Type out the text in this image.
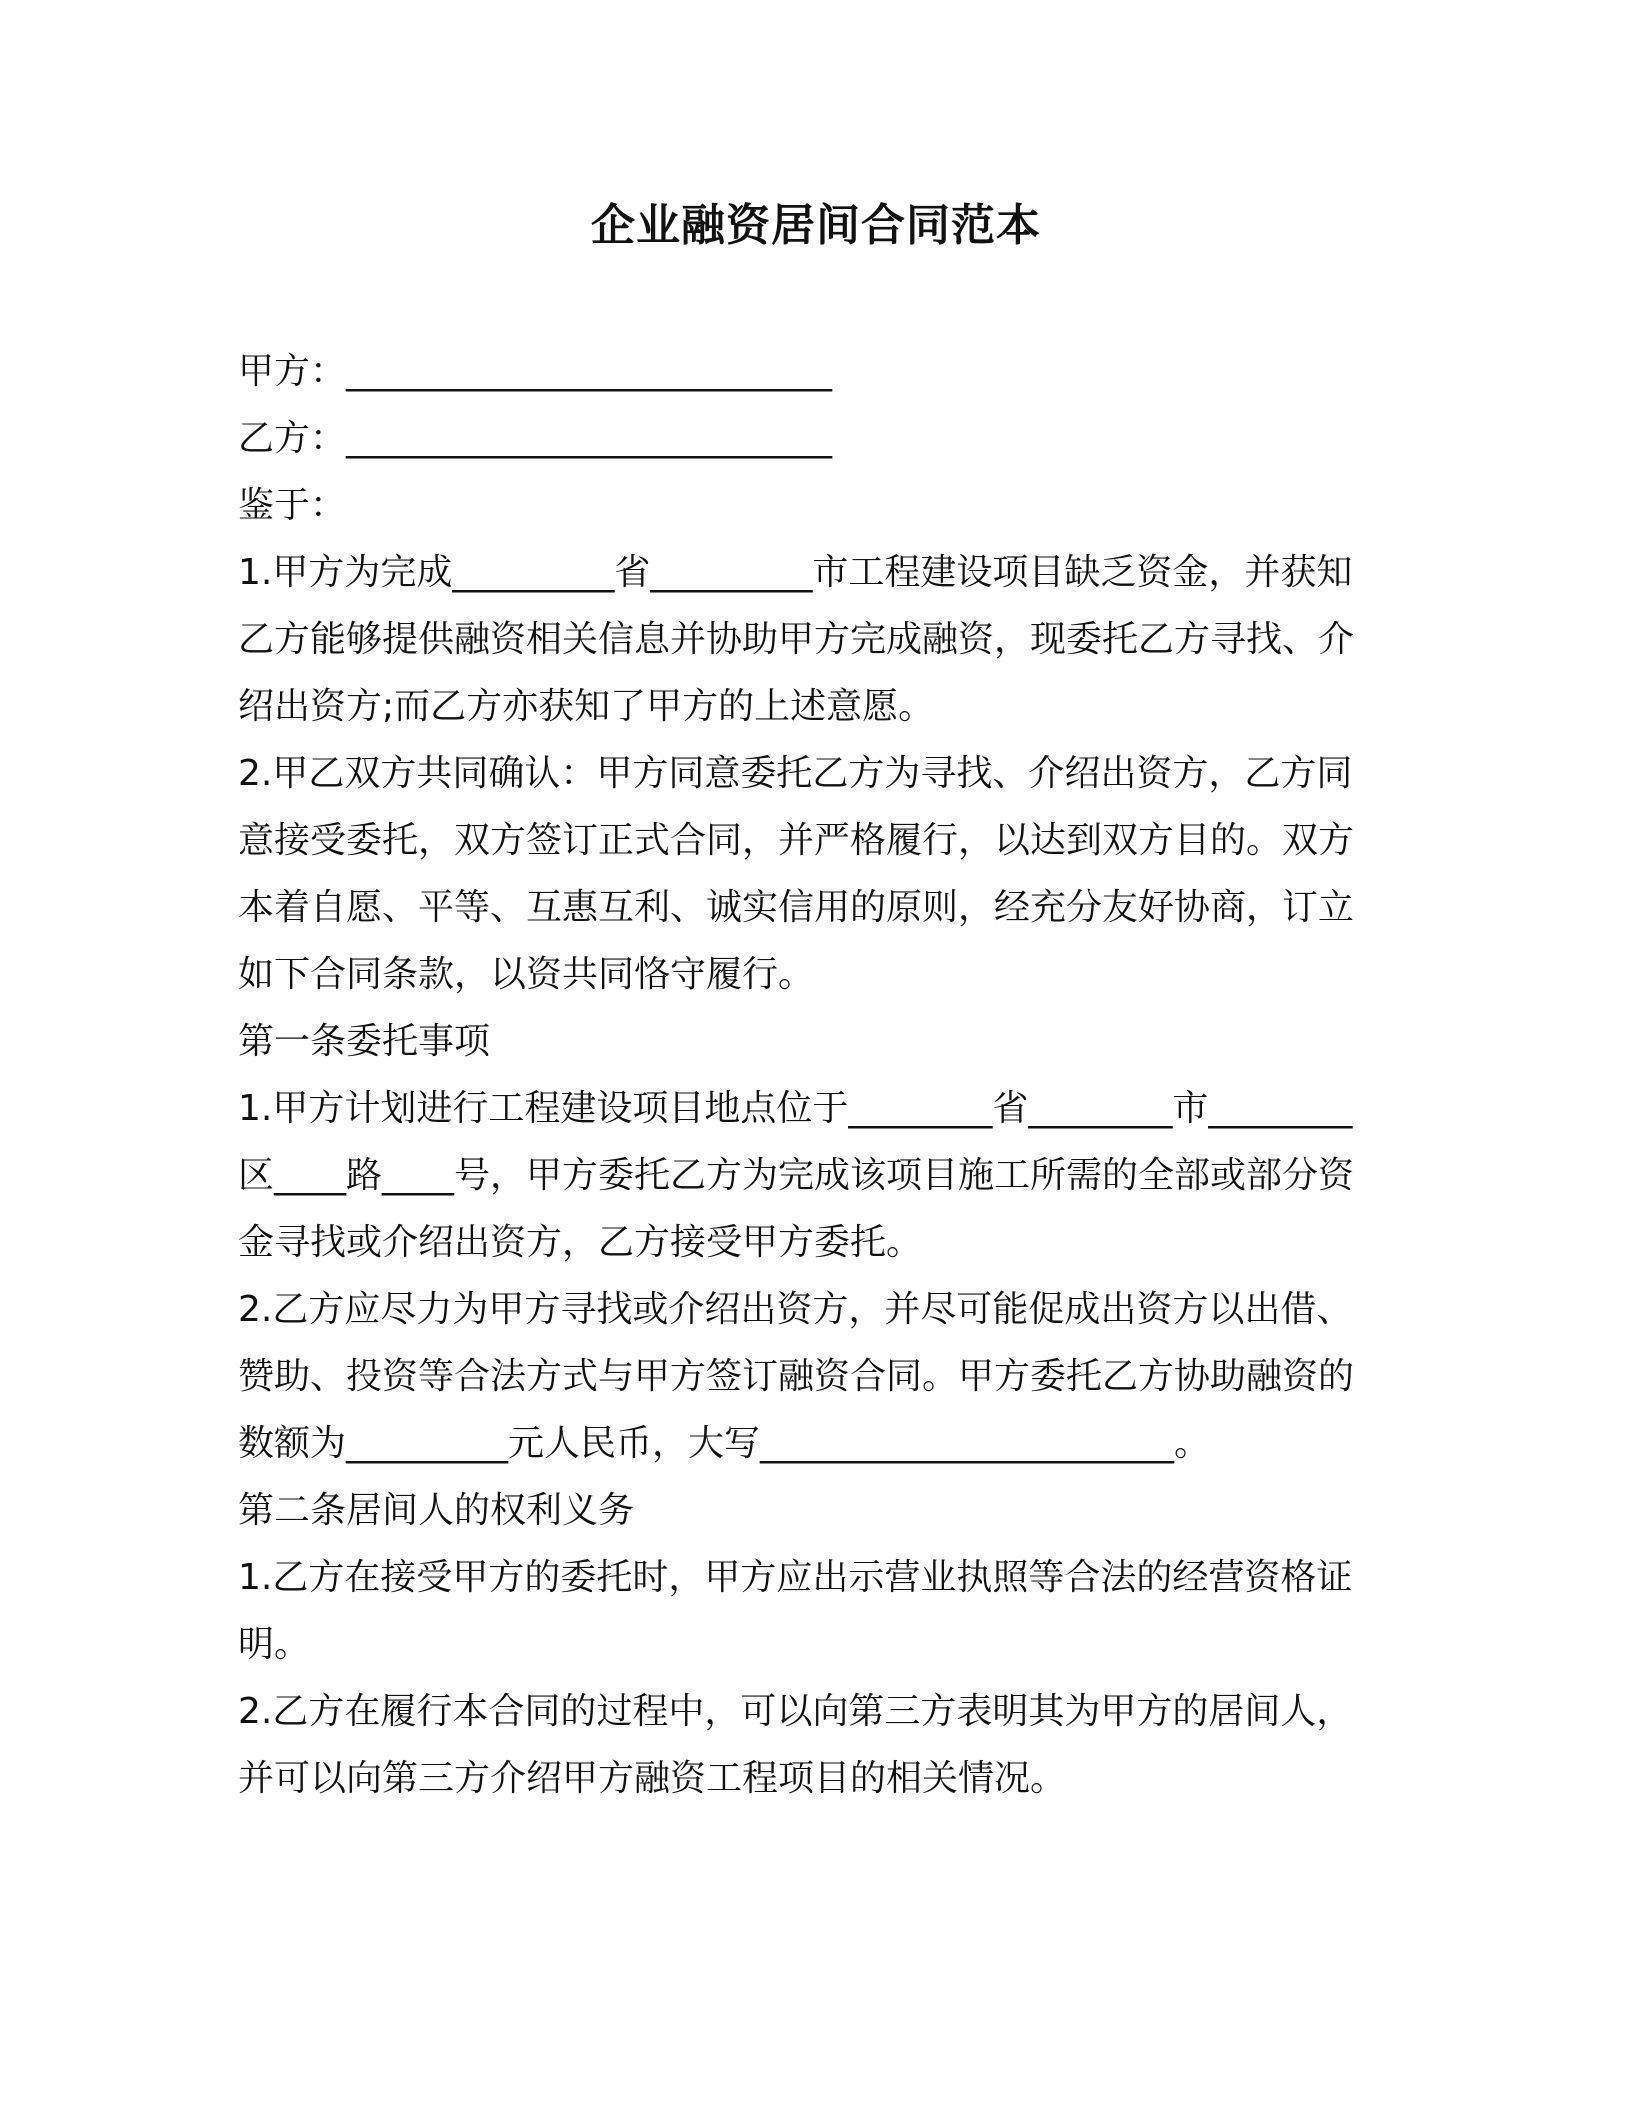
企业融资居间合同范本

甲方：___________________________

乙方：___________________________

鉴于：

1.甲方为完成_________省_________市工程建设项目缺乏资金，并获知乙方能够提供融资相关信息并协助甲方完成融资，现委托乙方寻找、介绍出资方;而乙方亦获知了甲方的上述意愿。

2.甲乙双方共同确认：甲方同意委托乙方为寻找、介绍出资方，乙方同意接受委托，双方签订正式合同，并严格履行，以达到双方目的。双方本着自愿、平等、互惠互利、诚实信用的原则，经充分友好协商，订立如下合同条款，以资共同恪守履行。

第一条委托事项

1.甲方计划进行工程建设项目地点位于________省________市________区____路____号，甲方委托乙方为完成该项目施工所需的全部或部分资金寻找或介绍出资方，乙方接受甲方委托。

2.乙方应尽力为甲方寻找或介绍出资方，并尽可能促成出资方以出借、赞助、投资等合法方式与甲方签订融资合同。甲方委托乙方协助融资的数额为_________元人民币，大写_______________________。

第二条居间人的权利义务

1.乙方在接受甲方的委托时，甲方应出示营业执照等合法的经营资格证明。

2.乙方在履行本合同的过程中，可以向第三方表明其为甲方的居间人，并可以向第三方介绍甲方融资工程项目的相关情况。
